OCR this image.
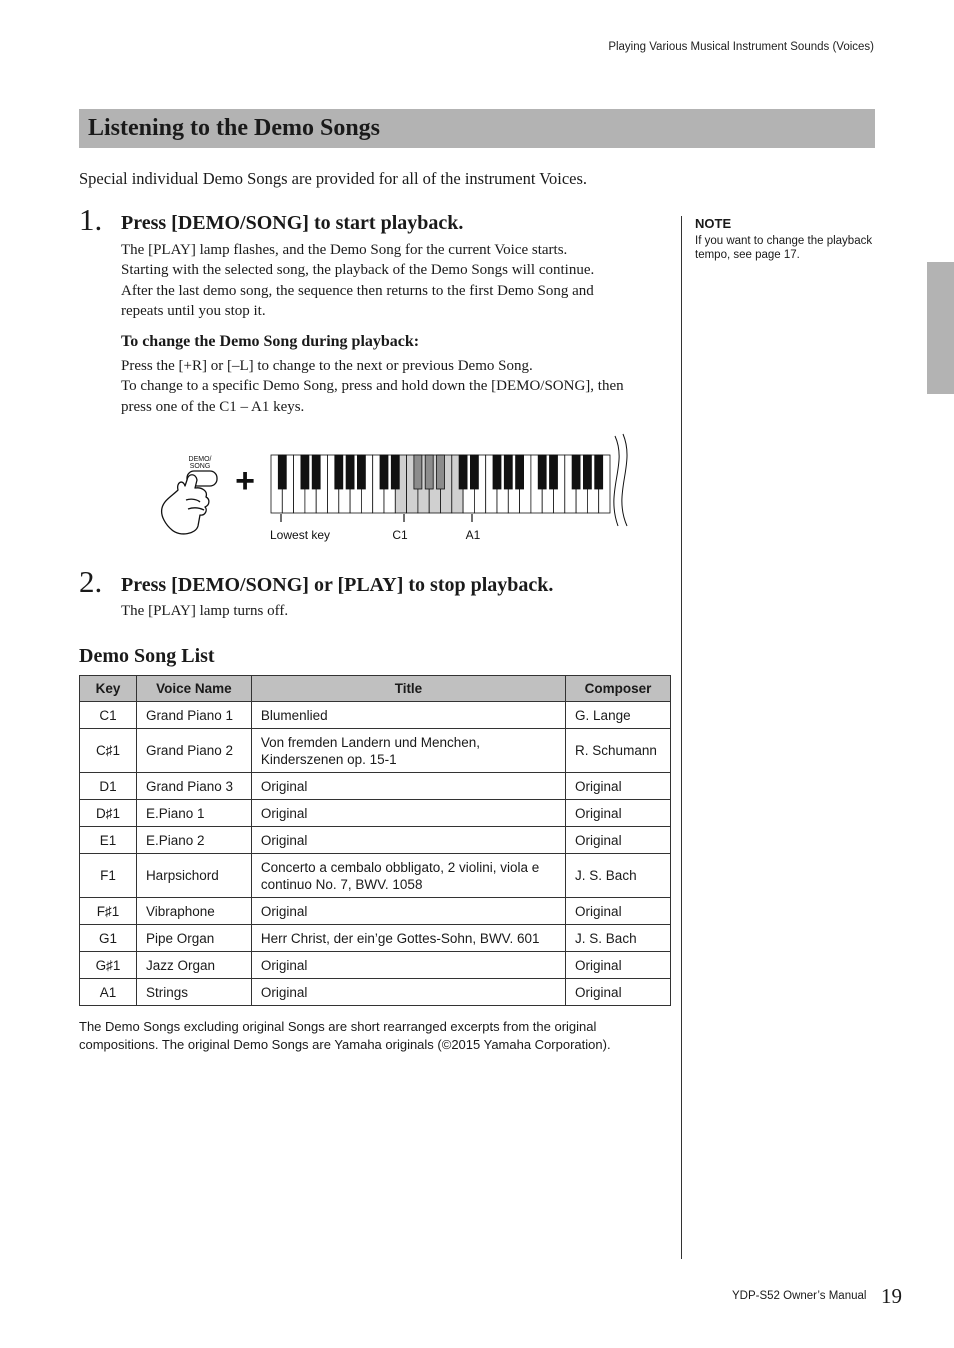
Playing Various Musical Instrument Sounds (Voices)
Listening to the Demo Songs
Special individual Demo Songs are provided for all of the instrument Voices.
1. Press [DEMO/SONG] to start playback.
The [PLAY] lamp flashes, and the Demo Song for the current Voice starts.
Starting with the selected song, the playback of the Demo Songs will continue.
After the last demo song, the sequence then returns to the first Demo Song and
repeats until you stop it.
To change the Demo Song during playback:
Press the [+R] or [–L] to change to the next or previous Demo Song.
To change to a specific Demo Song, press and hold down the [DEMO/SONG], then
press one of the C1 – A1 keys.
DEMO/
SONG +
Lowest key	C1	A1
2. Press [DEMO/SONG] or [PLAY] to stop playback.
The [PLAY] lamp turns off.
NOTE
If you want to change the playback tempo, see page 17.
Demo Song List
Key	Voice Name	Title	Composer
C1	Grand Piano 1	Blumenlied	G. Lange
C♯1	Grand Piano 2	Von fremden Landern und Menchen, Kinderszenen op. 15-1	R. Schumann
D1	Grand Piano 3	Original	Original
D♯1	E.Piano 1	Original	Original
E1	E.Piano 2	Original	Original
F1	Harpsichord	Concerto a cembalo obbligato, 2 violini, viola e continuo No. 7, BWV. 1058	J. S. Bach
F♯1	Vibraphone	Original	Original
G1	Pipe Organ	Herr Christ, der ein’ge Gottes-Sohn, BWV. 601	J. S. Bach
G♯1	Jazz Organ	Original	Original
A1	Strings	Original	Original
The Demo Songs excluding original Songs are short rearranged excerpts from the original compositions. The original Demo Songs are Yamaha originals (©2015 Yamaha Corporation).
YDP-S52 Owner’s Manual 19
